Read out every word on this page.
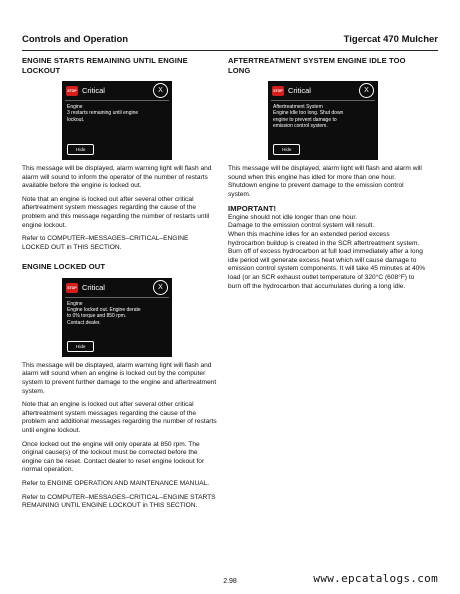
Controls and Operation	Tigercat 470 Mulcher
ENGINE STARTS REMAINING UNTIL ENGINE
LOCKOUT
STOP Critical	X
Engine
3 restarts remaining until engine
lockout.
Hide

This message will be displayed, alarm warning light will flash and alarm will sound to inform the operator of the number of restarts available before the engine is locked out.

Note that an engine is locked out after several other critical aftertreatment system messages regarding the cause of the problem and this message regarding the number of restarts until engine lockout.

Refer to COMPUTER–MESSAGES–CRITICAL–ENGINE LOCKED OUT in THIS SECTION.

ENGINE LOCKED OUT
STOP Critical	X
Engine
Engine locked out. Engine derate
to 0% torque and 850 rpm.
Contact dealer.
Hide

This message will be displayed, alarm warning light will flash and alarm will sound when an engine is locked out by the computer system to prevent further damage to the engine and aftertreatment system.

Note that an engine is locked out after several other critical aftertreatment system messages regarding the cause of the problem and additional messages regarding the number of restarts until engine lockout.

Once locked out the engine will only operate at 850 rpm. The original cause(s) of the lockout must be corrected before the engine can be reset. Contact dealer to reset engine lockout for normal operation.

Refer to ENGINE OPERATION AND MAINTENANCE MANUAL.

Refer to COMPUTER–MESSAGES–CRITICAL–ENGINE STARTS REMAINING UNTIL ENGINE LOCKOUT in THIS SECTION.

AFTERTREATMENT SYSTEM ENGINE IDLE TOO
LONG
STOP Critical	X
Aftertreatment System
Engine idle too long. Shut down
engine to prevent damage to
emission control system.
Hide

This message will be displayed, alarm light will flash and alarm will sound when this engine has idled for more than one hour. Shutdown engine to prevent damage to the emission control system.

IMPORTANT!

Engine should not idle longer than one hour.

Damage to the emission control system will result.

When this machine idles for an extended period excess hydrocarbon buildup is created in the SCR aftertreatment system. Burn off of excess hydrocarbon at full load immediately after a long idle period will generate excess heat which will cause damage to emission control system components. It will take 45 minutes at 40% load (or an SCR exhaust outlet temperature of 320°C (608°F) to burn off the hydrocarbon that accumulates during a long idle.

2.98	www.epcatalogs.com
